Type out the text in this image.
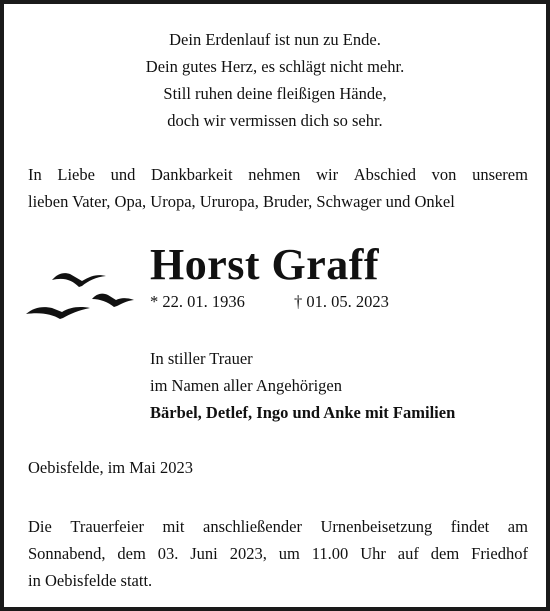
Dein Erdenlauf ist nun zu Ende.
Dein gutes Herz, es schlägt nicht mehr.
Still ruhen deine fleißigen Hände,
doch wir vermissen dich so sehr.
In Liebe und Dankbarkeit nehmen wir Abschied von unserem
lieben Vater, Opa, Uropa, Ururopa, Bruder, Schwager und Onkel
Horst Graff
* 22. 01. 1936	† 01. 05. 2023
In stiller Trauer
im Namen aller Angehörigen
Bärbel, Detlef, Ingo und Anke mit Familien
Oebisfelde, im Mai 2023
Die Trauerfeier mit anschließender Urnenbeisetzung findet am
Sonnabend, dem 03. Juni 2023, um 11.00 Uhr auf dem Friedhof
in Oebisfelde statt.
